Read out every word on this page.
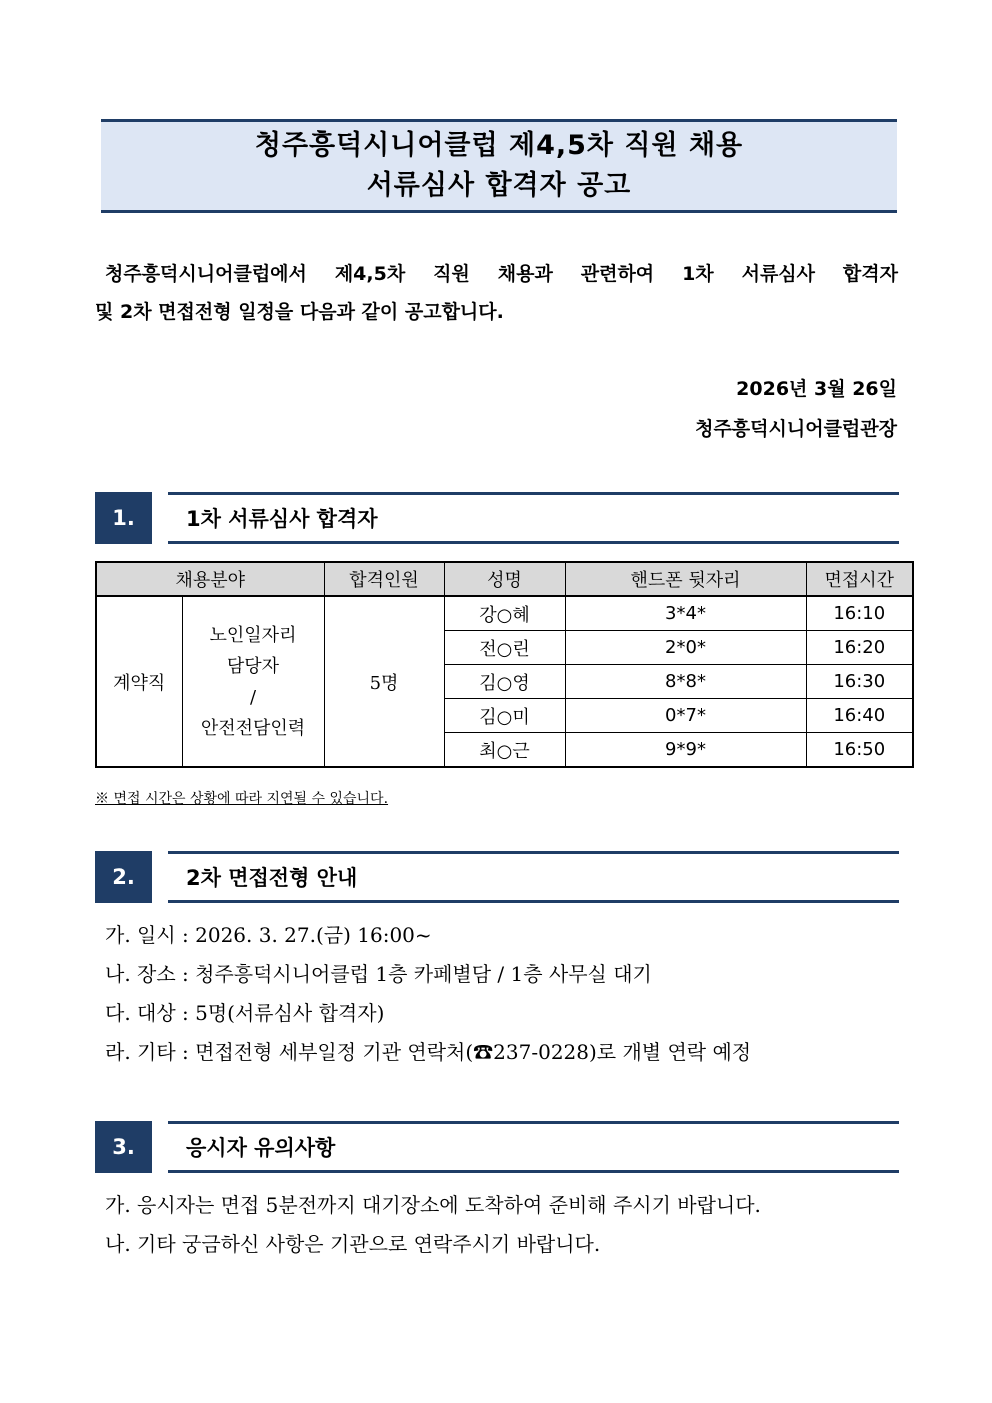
청주흥덕시니어클럽 제4,5차 직원 채용
서류심사 합격자 공고
청주흥덕시니어클럽에서 제4,5차 직원 채용과 관련하여 1차 서류심사 합격자
및 2차 면접전형 일정을 다음과 같이 공고합니다.
2026년 3월 26일
청주흥덕시니어클럽관장
1.	1차 서류심사 합격자
채용분야		합격인원	성명	핸드폰 뒷자리	면접시간
계약직	노인일자리
담당자
/
안전전담인력	5명	강○혜	3*4*	16:10
			전○린	2*0*	16:20
			김○영	8*8*	16:30
			김○미	0*7*	16:40
			최○근	9*9*	16:50
※ 면접 시간은 상황에 따라 지연될 수 있습니다.
2.	2차 면접전형 안내
가. 일시 : 2026. 3. 27.(금) 16:00~
나. 장소 : 청주흥덕시니어클럽 1층 카페별담 / 1층 사무실 대기
다. 대상 : 5명(서류심사 합격자)
라. 기타 : 면접전형 세부일정 기관 연락처(☎237-0228)로 개별 연락 예정
3.	응시자 유의사항
가. 응시자는 면접 5분전까지 대기장소에 도착하여 준비해 주시기 바랍니다.
나. 기타 궁금하신 사항은 기관으로 연락주시기 바랍니다.
